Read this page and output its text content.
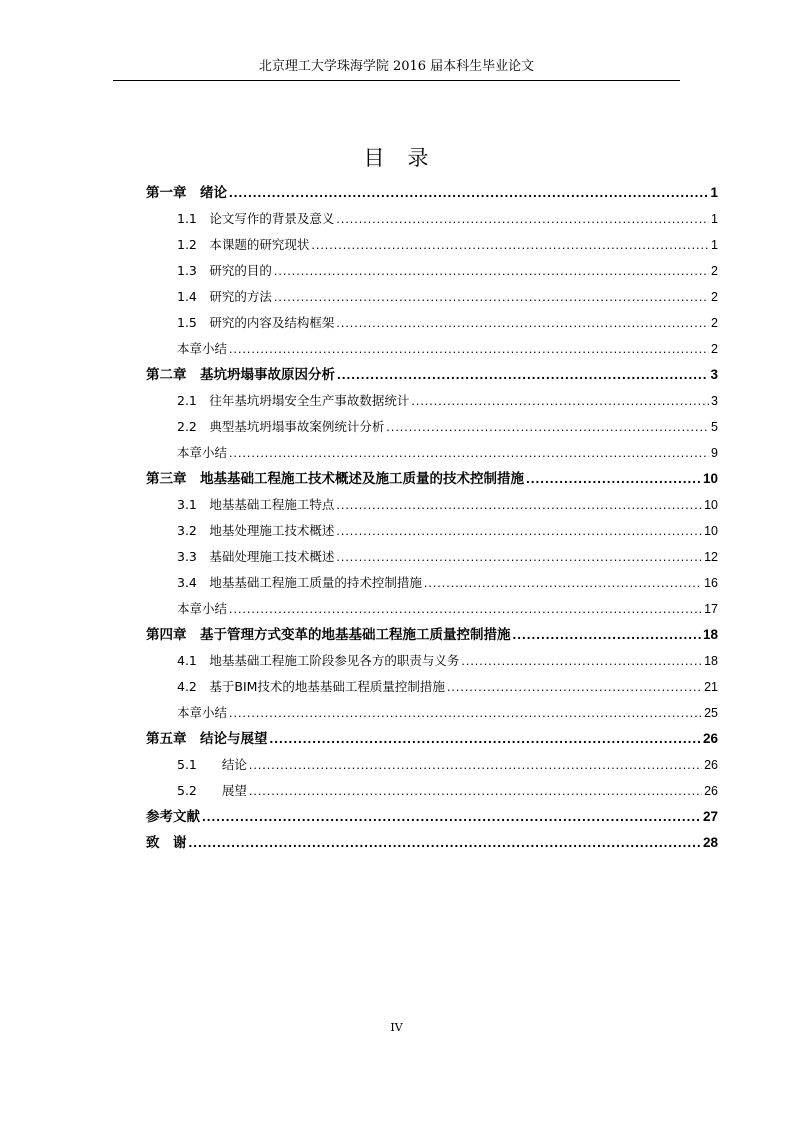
北京理工大学珠海学院 2016 届本科生毕业论文
目　录
第一章　绪论 .....	1
1.1　论文写作的背景及意义 .....	1
1.2　本课题的研究现状 .....	1
1.3　研究的目的 .....	2
1.4　研究的方法 .....	2
1.5　研究的内容及结构框架 .....	2
本章小结 .....	2
第二章　基坑坍塌事故原因分析 .....	3
2.1　往年基坑坍塌安全生产事故数据统计 .....	3
2.2　典型基坑坍塌事故案例统计分析 .....	5
本章小结 .....	9
第三章　地基基础工程施工技术概述及施工质量的技术控制措施 .....	10
3.1　地基基础工程施工特点 .....	10
3.2　地基处理施工技术概述 .....	10
3.3　基础处理施工技术概述 .....	12
3.4　地基基础工程施工质量的持术控制措施 .....	16
本章小结 .....	17
第四章　基于管理方式变革的地基基础工程施工质量控制措施 .....	18
4.1　地基基础工程施工阶段参见各方的职责与义务 .....	18
4.2　基于BIM技术的地基基础工程质量控制措施 .....	21
本章小结 .....	25
第五章　结论与展望 .....	26
5.1　　结论 .....	26
5.2　　展望 .....	26
参考文献 .....	27
致　谢 .....	28
IV
